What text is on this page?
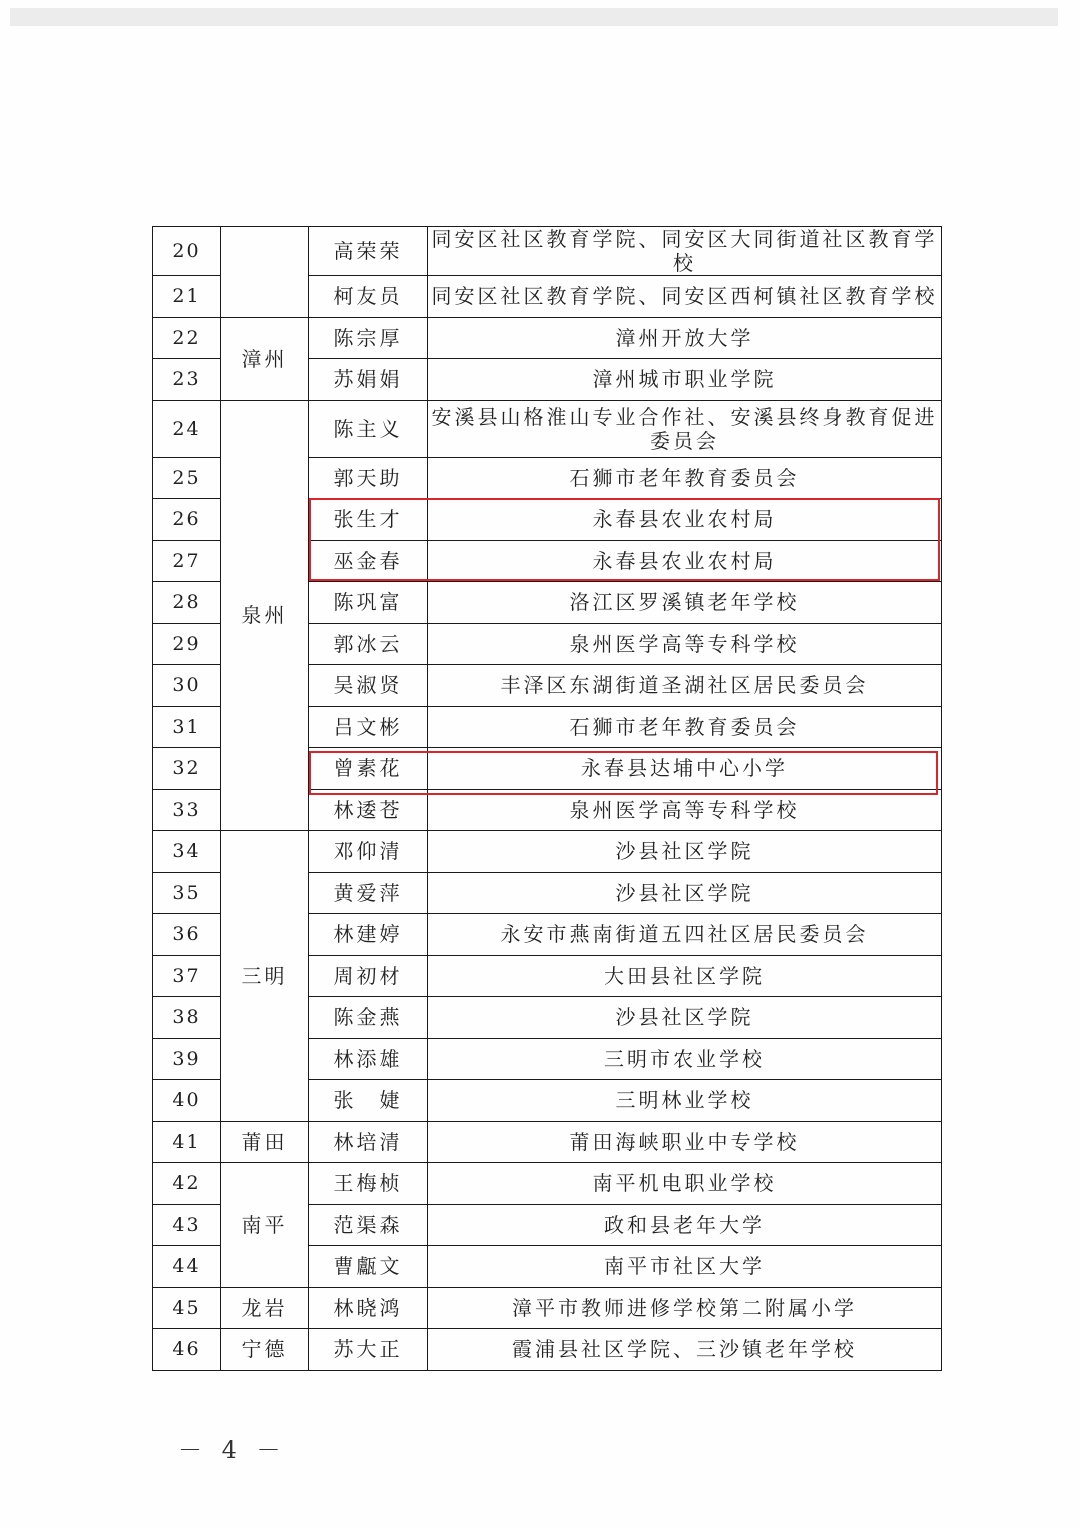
20		高荣荣	同安区社区教育学院、同安区大同街道社区教育学校
21		柯友员	同安区社区教育学院、同安区西柯镇社区教育学校
22	漳州	陈宗厚	漳州开放大学
23		苏娟娟	漳州城市职业学院
24	泉州	陈主义	安溪县山格淮山专业合作社、安溪县终身教育促进委员会
25		郭天助	石狮市老年教育委员会
26		张生才	永春县农业农村局
27		巫金春	永春县农业农村局
28		陈巩富	洛江区罗溪镇老年学校
29		郭冰云	泉州医学高等专科学校
30		吴淑贤	丰泽区东湖街道圣湖社区居民委员会
31		吕文彬	石狮市老年教育委员会
32		曾素花	永春县达埔中心小学
33		林逶苍	泉州医学高等专科学校
34	三明	邓仰清	沙县社区学院
35		黄爱萍	沙县社区学院
36		林建婷	永安市燕南街道五四社区居民委员会
37		周初材	大田县社区学院
38		陈金燕	沙县社区学院
39		林添雄	三明市农业学校
40		张　婕	三明林业学校
41	莆田	林培清	莆田海峡职业中专学校
42	南平	王梅桢	南平机电职业学校
43		范渠森	政和县老年大学
44		曹甗文	南平市社区大学
45	龙岩	林晓鸿	漳平市教师进修学校第二附属小学
46	宁德	苏大正	霞浦县社区学院、三沙镇老年学校
－ 4 －
